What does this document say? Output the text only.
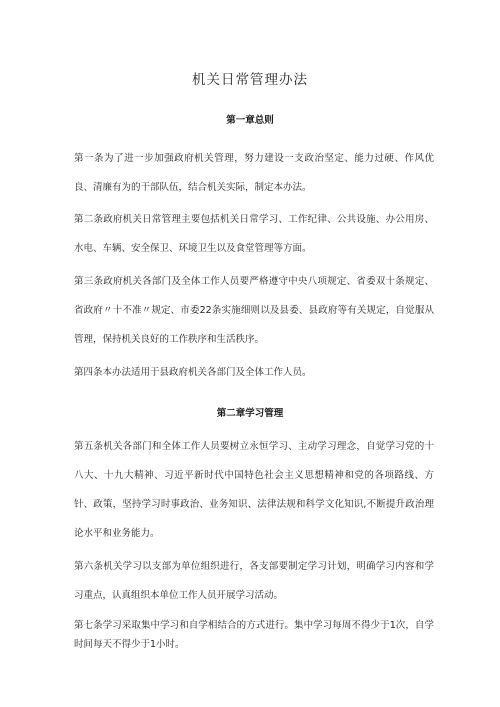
机关日常管理办法
第一章总则
第一条为了进一步加强政府机关管理，努力建设一支政治坚定、能力过硬、作风优良、清廉有为的干部队伍，结合机关实际，制定本办法。
第二条政府机关日常管理主要包括机关日常学习、工作纪律、公共设施、办公用房、水电、车辆、安全保卫、环境卫生以及食堂管理等方面。
第三条政府机关各部门及全体工作人员要严格遵守中央八项规定、省委双十条规定、省政府〃十不准〃规定、市委22条实施细则以及县委、县政府等有关规定，自觉服从管理，保持机关良好的工作秩序和生活秩序。
第四条本办法适用于县政府机关各部门及全体工作人员。
第二章学习管理
第五条机关各部门和全体工作人员要树立永恒学习、主动学习理念，自觉学习党的十八大、十九大精神、习近平新时代中国特色社会主义思想精神和党的各项路线、方针、政策，坚持学习时事政治、业务知识、法律法规和科学文化知识,不断提升政治理论水平和业务能力。
第六条机关学习以支部为单位组织进行，各支部要制定学习计划，明确学习内容和学习重点，认真组织本单位工作人员开展学习活动。
第七条学习采取集中学习和自学相结合的方式进行。集中学习每周不得少于1次，自学时间每天不得少于1小时。
